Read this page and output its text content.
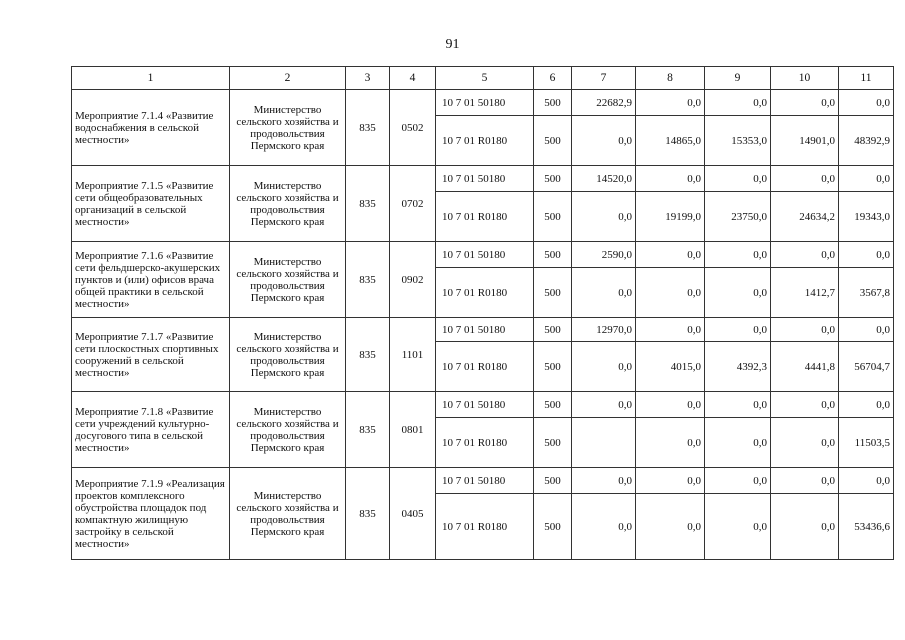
91
1	2	3	4	5	6	7	8	9	10	11
Мероприятие 7.1.4 «Развитие водоснабжения в сельской местности»	Министерство сельского хозяйства и продовольствия Пермского края	835	0502	10 7 01 50180	500	22682,9	0,0	0,0	0,0	0,0
				10 7 01 R0180	500	0,0	14865,0	15353,0	14901,0	48392,9
Мероприятие 7.1.5 «Развитие сети общеобразовательных организаций в сельской местности»	Министерство сельского хозяйства и продовольствия Пермского края	835	0702	10 7 01 50180	500	14520,0	0,0	0,0	0,0	0,0
				10 7 01 R0180	500	0,0	19199,0	23750,0	24634,2	19343,0
Мероприятие 7.1.6 «Развитие сети фельдшерско-акушерских пунктов и (или) офисов врача общей практики в сельской местности»	Министерство сельского хозяйства и продовольствия Пермского края	835	0902	10 7 01 50180	500	2590,0	0,0	0,0	0,0	0,0
				10 7 01 R0180	500	0,0	0,0	0,0	1412,7	3567,8
Мероприятие 7.1.7 «Развитие сети плоскостных спортивных сооружений в сельской местности»	Министерство сельского хозяйства и продовольствия Пермского края	835	1101	10 7 01 50180	500	12970,0	0,0	0,0	0,0	0,0
				10 7 01 R0180	500	0,0	4015,0	4392,3	4441,8	56704,7
Мероприятие 7.1.8 «Развитие сети учреждений культурно-досугового типа в сельской местности»	Министерство сельского хозяйства и продовольствия Пермского края	835	0801	10 7 01 50180	500	0,0	0,0	0,0	0,0	0,0
				10 7 01 R0180	500		0,0	0,0	0,0	11503,5
Мероприятие 7.1.9 «Реализация проектов комплексного обустройства площадок под компактную жилищную застройку в сельской местности»	Министерство сельского хозяйства и продовольствия Пермского края	835	0405	10 7 01 50180	500	0,0	0,0	0,0	0,0	0,0
				10 7 01 R0180	500	0,0	0,0	0,0	0,0	53436,6
